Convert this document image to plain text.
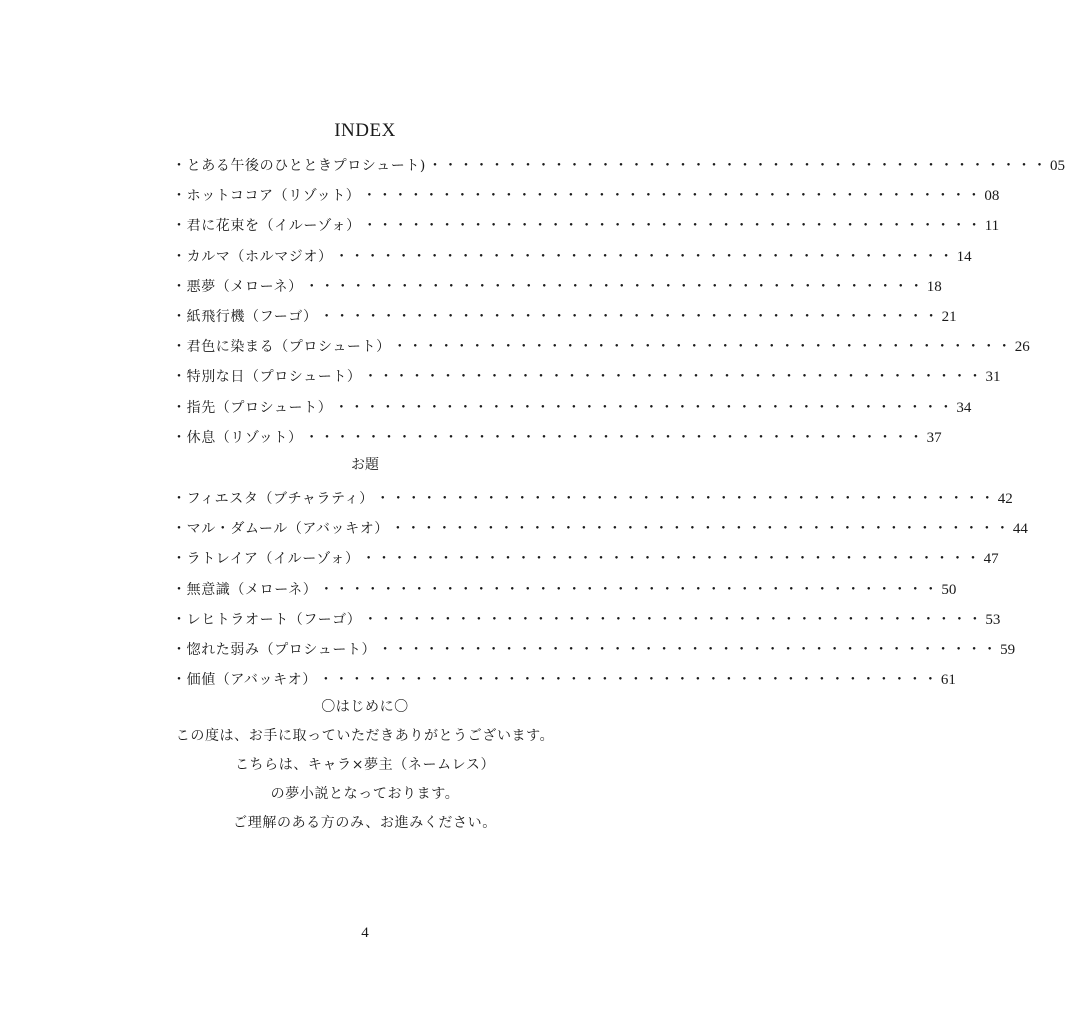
INDEX
・とある午後のひとときプロシュート) ・・・・・・・・・・・・・・・・・・・・・・・・・・・・・・・・・・・・・・・・ 05
・ホットココア（リゾット） ・・・・・・・・・・・・・・・・・・・・・・・・・・・・・・・・・・・・・・・・ 08
・君に花束を（イルーゾォ） ・・・・・・・・・・・・・・・・・・・・・・・・・・・・・・・・・・・・・・・・ 11
・カルマ（ホルマジオ） ・・・・・・・・・・・・・・・・・・・・・・・・・・・・・・・・・・・・・・・・ 14
・悪夢（メローネ） ・・・・・・・・・・・・・・・・・・・・・・・・・・・・・・・・・・・・・・・・ 18
・紙飛行機（フーゴ） ・・・・・・・・・・・・・・・・・・・・・・・・・・・・・・・・・・・・・・・・ 21
・君色に染まる（プロシュート） ・・・・・・・・・・・・・・・・・・・・・・・・・・・・・・・・・・・・・・・・ 26
・特別な日（プロシュート） ・・・・・・・・・・・・・・・・・・・・・・・・・・・・・・・・・・・・・・・・ 31
・指先（プロシュート） ・・・・・・・・・・・・・・・・・・・・・・・・・・・・・・・・・・・・・・・・ 34
・休息（リゾット） ・・・・・・・・・・・・・・・・・・・・・・・・・・・・・・・・・・・・・・・・ 37
お題
・フィエスタ（ブチャラティ） ・・・・・・・・・・・・・・・・・・・・・・・・・・・・・・・・・・・・・・・・ 42
・マル・ダムール（アバッキオ） ・・・・・・・・・・・・・・・・・・・・・・・・・・・・・・・・・・・・・・・・ 44
・ラトレイア（イルーゾォ） ・・・・・・・・・・・・・・・・・・・・・・・・・・・・・・・・・・・・・・・・ 47
・無意識（メローネ） ・・・・・・・・・・・・・・・・・・・・・・・・・・・・・・・・・・・・・・・・ 50
・レヒトラオート（フーゴ） ・・・・・・・・・・・・・・・・・・・・・・・・・・・・・・・・・・・・・・・・ 53
・惚れた弱み（プロシュート） ・・・・・・・・・・・・・・・・・・・・・・・・・・・・・・・・・・・・・・・・ 59
・価値（アバッキオ） ・・・・・・・・・・・・・・・・・・・・・・・・・・・・・・・・・・・・・・・・ 61
〇はじめに〇
この度は、お手に取っていただきありがとうございます。
こちらは、キャラ×夢主（ネームレス）
の夢小説となっております。
ご理解のある方のみ、お進みください。
4
